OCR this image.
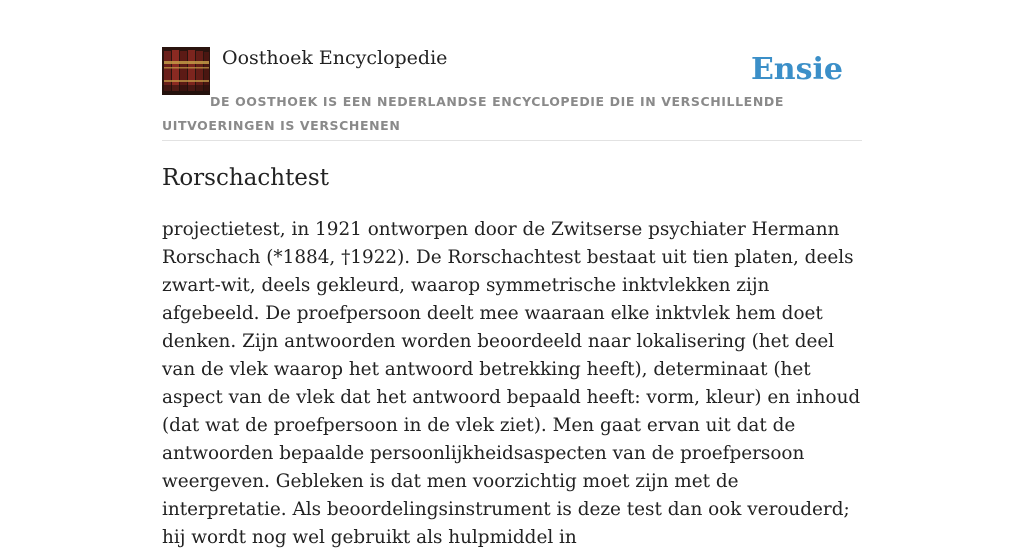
Oosthoek Encyclopedie	Ensie
DE OOSTHOEK IS EEN NEDERLANDSE ENCYCLOPEDIE DIE IN VERSCHILLENDE UITVOERINGEN IS VERSCHENEN
Rorschachtest

projectietest, in 1921 ontworpen door de Zwitserse psychiater Hermann Rorschach (*1884, †1922). De Rorschachtest bestaat uit tien platen, deels zwart-wit, deels gekleurd, waarop symmetrische inktvlekken zijn afgebeeld. De proefpersoon deelt mee waaraan elke inktvlek hem doet denken. Zijn antwoorden worden beoordeeld naar lokalisering (het deel van de vlek waarop het antwoord betrekking heeft), determinaat (het aspect van de vlek dat het antwoord bepaald heeft: vorm, kleur) en inhoud (dat wat de proefpersoon in de vlek ziet). Men gaat ervan uit dat de antwoorden bepaalde persoonlijkheidsaspecten van de proefpersoon weergeven. Gebleken is dat men voorzichtig moet zijn met de interpretatie. Als beoordelingsinstrument is deze test dan ook verouderd; hij wordt nog wel gebruikt als hulpmiddel in
